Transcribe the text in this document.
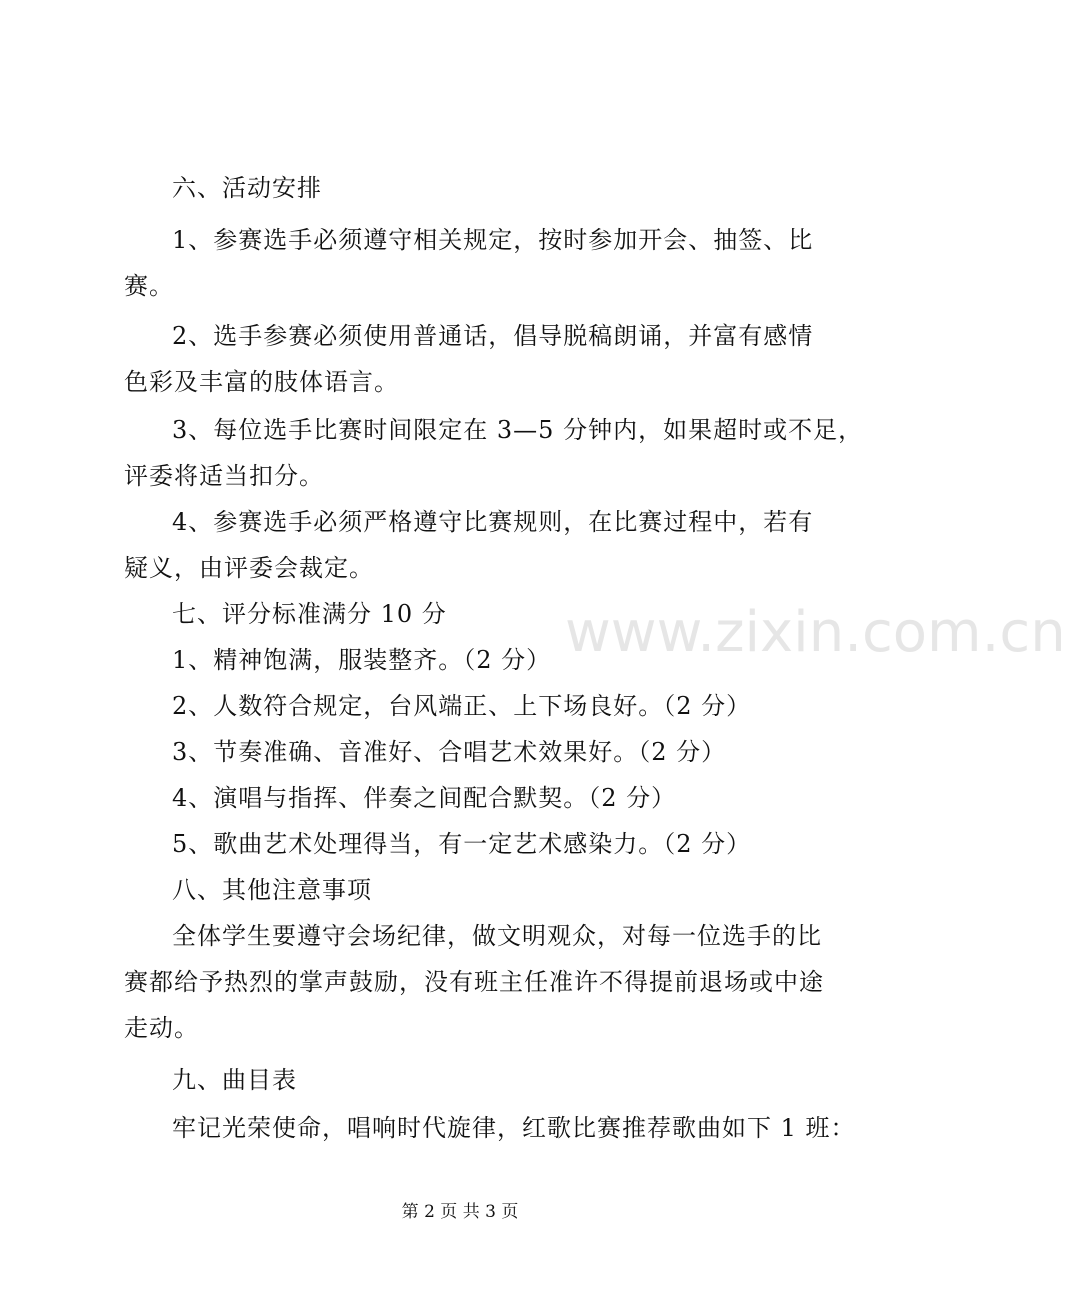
六、活动安排
1、参赛选手必须遵守相关规定，按时参加开会、抽签、比
赛。
2、选手参赛必须使用普通话，倡导脱稿朗诵，并富有感情
色彩及丰富的肢体语言。
3、每位选手比赛时间限定在 3—5 分钟内，如果超时或不足，
评委将适当扣分。
4、参赛选手必须严格遵守比赛规则，在比赛过程中，若有
疑义，由评委会裁定。
七、评分标准满分 10 分
1、精神饱满，服装整齐。（2 分）
2、人数符合规定，台风端正、上下场良好。（2 分）
3、节奏准确、音准好、合唱艺术效果好。（2 分）
4、演唱与指挥、伴奏之间配合默契。（2 分）
5、歌曲艺术处理得当，有一定艺术感染力。（2 分）
八、其他注意事项
全体学生要遵守会场纪律，做文明观众，对每一位选手的比
赛都给予热烈的掌声鼓励，没有班主任准许不得提前退场或中途
走动。
九、曲目表
牢记光荣使命，唱响时代旋律，红歌比赛推荐歌曲如下 1 班：
www.zixin.com.cn
第 2 页 共 3 页
